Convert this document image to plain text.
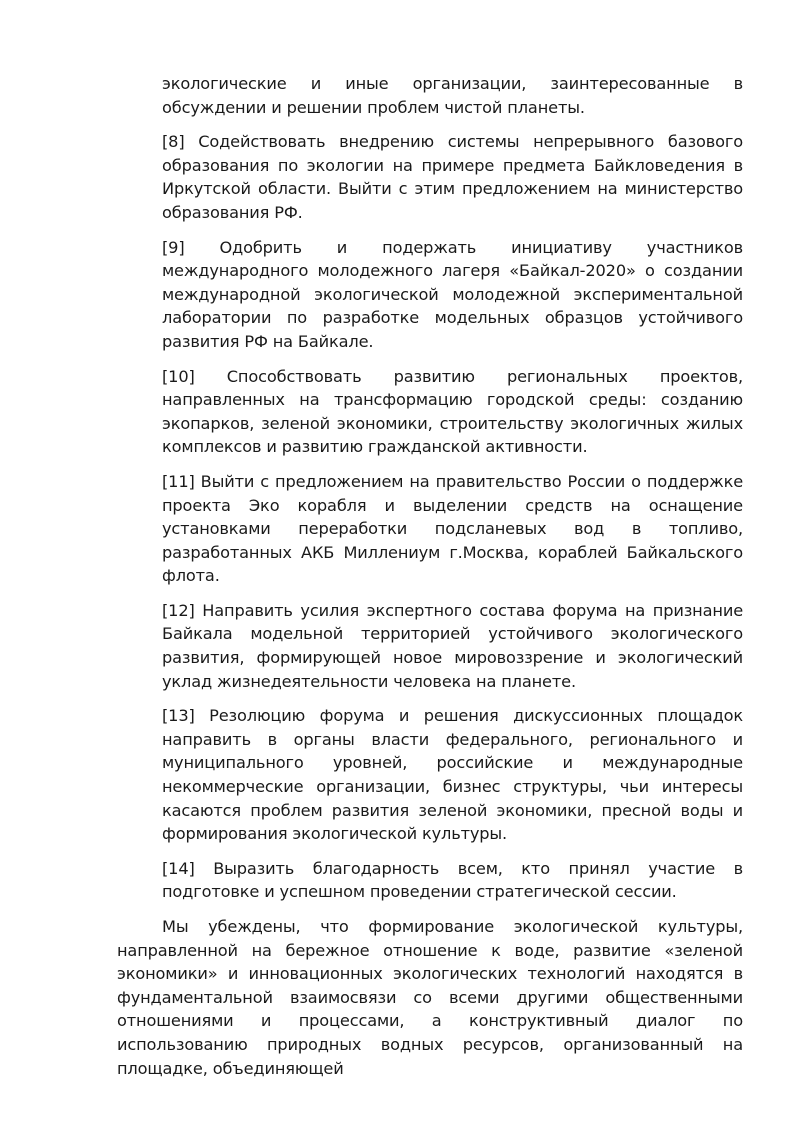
экологические и иные организации, заинтересованные в обсуждении и решении проблем чистой планеты.

[8] Содействовать внедрению системы непрерывного базового образования по экологии на примере предмета Байкловедения в Иркутской области. Выйти с этим предложением на министерство образования РФ.

[9] Одобрить и подержать инициативу участников международного молодежного лагеря «Байкал-2020» о создании международной экологической молодежной экспериментальной лаборатории по разработке модельных образцов устойчивого развития РФ на Байкале.

[10] Способствовать развитию региональных проектов, направленных на трансформацию городской среды: созданию экопарков, зеленой экономики, строительству экологичных жилых комплексов и развитию гражданской активности.

[11] Выйти с предложением на правительство России о поддержке проекта Эко корабля и выделении средств на оснащение установками переработки подсланевых вод в топливо, разработанных АКБ Миллениум г.Москва, кораблей Байкальского флота.

[12] Направить усилия экспертного состава форума на признание Байкала модельной территорией устойчивого экологического развития, формирующей новое мировоззрение и экологический уклад жизнедеятельности человека на планете.

[13] Резолюцию форума и решения дискуссионных площадок направить в органы власти федерального, регионального и муниципального уровней, российские и международные некоммерческие организации, бизнес структуры, чьи интересы касаются проблем развития зеленой экономики, пресной воды и формирования экологической культуры.

[14] Выразить благодарность всем, кто принял участие в подготовке и успешном проведении стратегической сессии.

Мы убеждены, что формирование экологической культуры, направленной на бережное отношение к воде, развитие «зеленой экономики» и инновационных экологических технологий находятся в фундаментальной взаимосвязи со всеми другими общественными отношениями и процессами, а конструктивный диалог по использованию природных водных ресурсов, организованный на площадке, объединяющей
